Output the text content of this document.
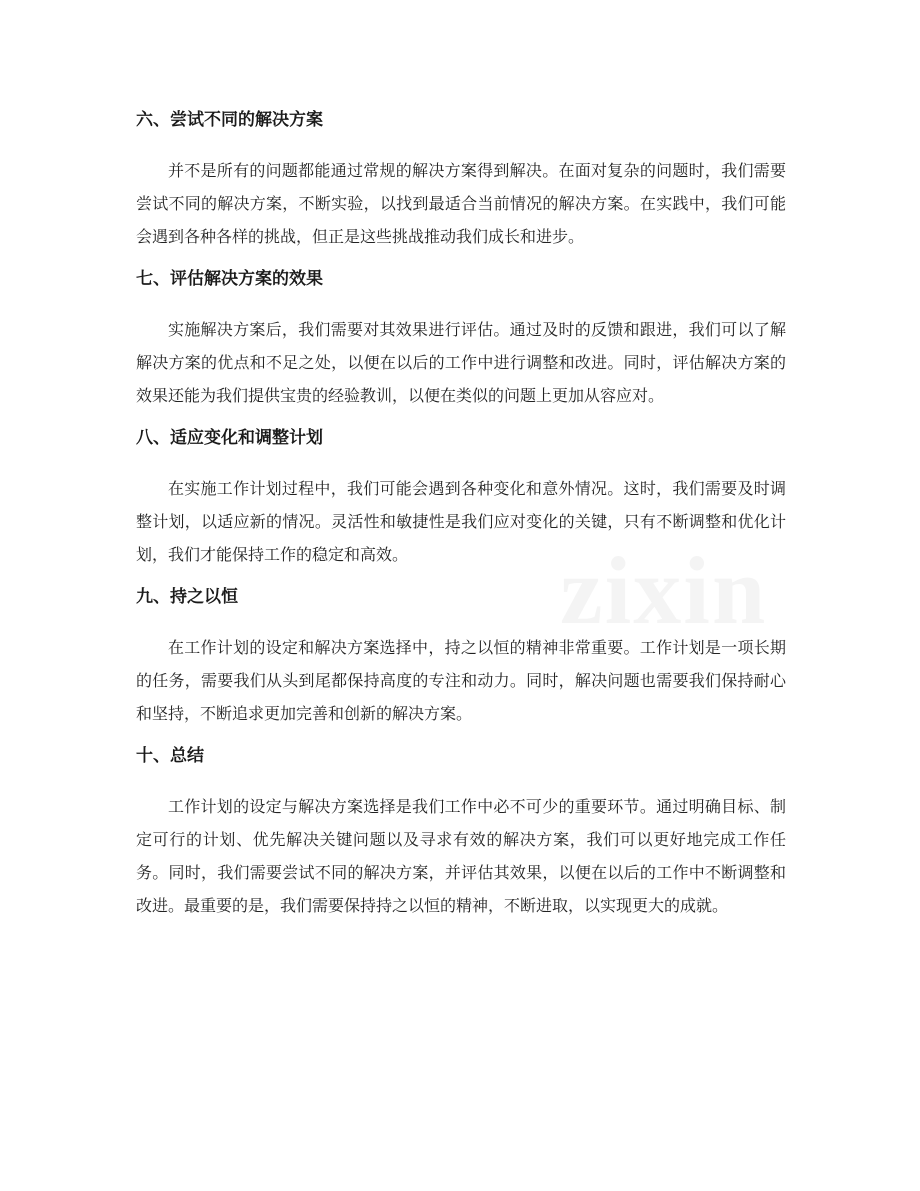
六、尝试不同的解决方案

并不是所有的问题都能通过常规的解决方案得到解决。在面对复杂的问题时，我们需要尝试不同的解决方案，不断实验，以找到最适合当前情况的解决方案。在实践中，我们可能会遇到各种各样的挑战，但正是这些挑战推动我们成长和进步。

七、评估解决方案的效果

实施解决方案后，我们需要对其效果进行评估。通过及时的反馈和跟进，我们可以了解解决方案的优点和不足之处，以便在以后的工作中进行调整和改进。同时，评估解决方案的效果还能为我们提供宝贵的经验教训，以便在类似的问题上更加从容应对。

八、适应变化和调整计划

在实施工作计划过程中，我们可能会遇到各种变化和意外情况。这时，我们需要及时调整计划，以适应新的情况。灵活性和敏捷性是我们应对变化的关键，只有不断调整和优化计划，我们才能保持工作的稳定和高效。

九、持之以恒

在工作计划的设定和解决方案选择中，持之以恒的精神非常重要。工作计划是一项长期的任务，需要我们从头到尾都保持高度的专注和动力。同时，解决问题也需要我们保持耐心和坚持，不断追求更加完善和创新的解决方案。

十、总结

工作计划的设定与解决方案选择是我们工作中必不可少的重要环节。通过明确目标、制定可行的计划、优先解决关键问题以及寻求有效的解决方案，我们可以更好地完成工作任务。同时，我们需要尝试不同的解决方案，并评估其效果，以便在以后的工作中不断调整和改进。最重要的是，我们需要保持持之以恒的精神，不断进取，以实现更大的成就。
